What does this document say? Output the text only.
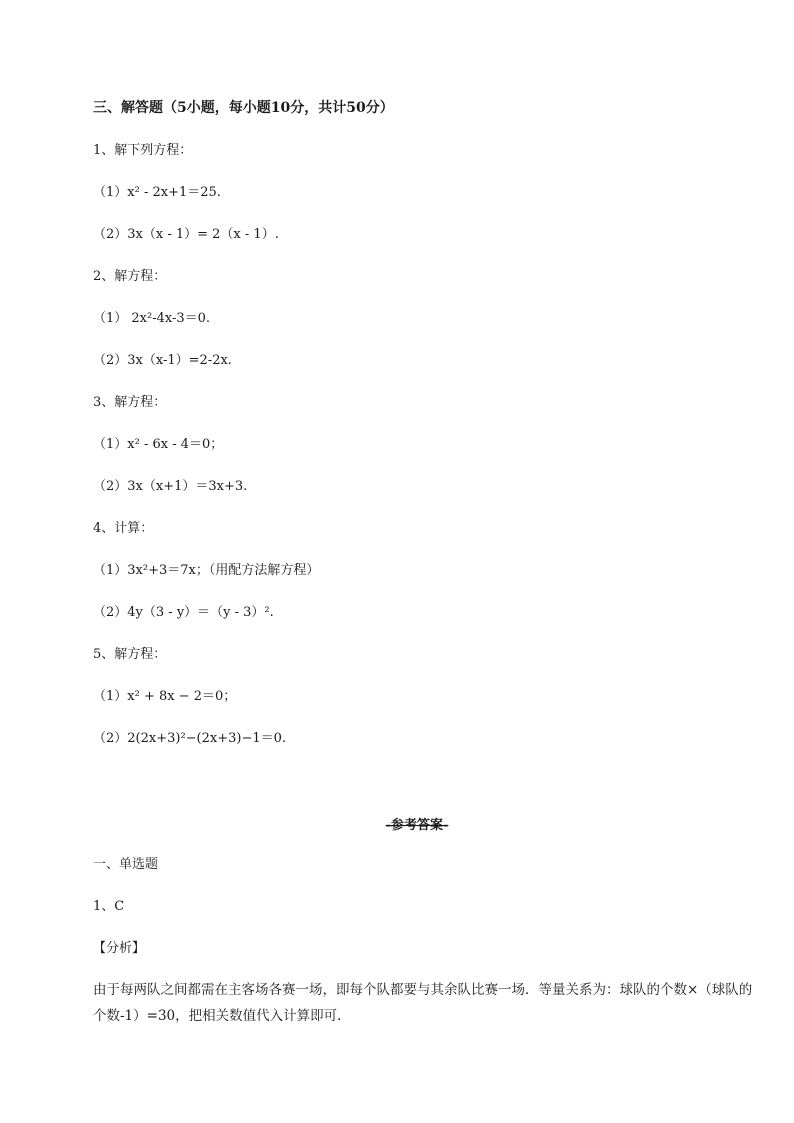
三、解答题（5小题，每小题10分，共计50分）
1、解下列方程：
（1）x² - 2x+1＝25.
（2）3x（x - 1）= 2（x - 1）.
2、解方程：
（1） 2x²-4x-3＝0.
（2）3x（x-1）=2-2x.
3、解方程：
（1）x² - 6x - 4＝0；
（2）3x（x+1）＝3x+3.
4、计算：
（1）3x²+3＝7x；（用配方法解方程）
（2）4y（3 - y）＝（y - 3）².
5、解方程：
（1）x² + 8x − 2＝0；
（2）2(2x+3)²−(2x+3)−1＝0.
-参考答案-
一、单选题
1、C
【分析】
由于每两队之间都需在主客场各赛一场，即每个队都要与其余队比赛一场．等量关系为：球队的个数×（球队的个数-1）=30，把相关数值代入计算即可．
